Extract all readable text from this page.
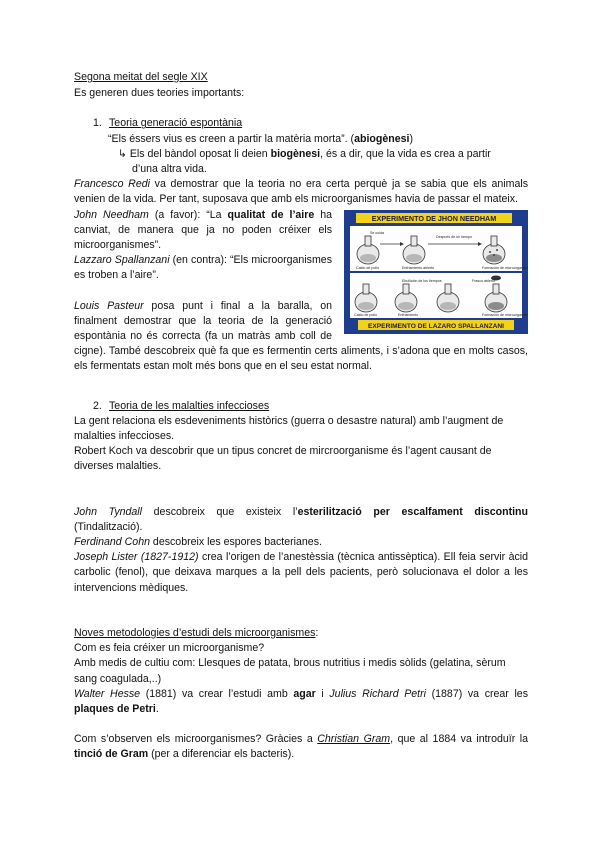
Segona meitat del segle XIX

Es generen dues teories importants:

1. Teoria generació espontània

“Els éssers vius es creen a partir la matèria morta”. (abiogènesi)

↳ Els del bàndol oposat li deien biogènesi, és a dir, que la vida es crea a partir
d’una altra vida.

Francesco Redi va demostrar que la teoria no era certa perquè ja se sabia que els animals venien de la vida. Per tant, suposava que amb els microorganismes havia de passar el mateix.

EXPERIMENTO DE JHON NEEDHAM
EXPERIMENTO DE LAZARO SPALLANZANI
Se cuida
Después de un tiempo
Caldo de pollo	Enfriamiento abierto	Formación de microorganismos
Ebullición de los tiempos	Frasco abierto
Caldo de pollo	Enfriamiento	Formación de microorganismos

John Needham (a favor): “La qualitat de l’aire ha canviat, de manera que ja no poden créixer els microorganismes”.

Lazzaro Spallanzani (en contra): “Els microorganismes es troben a l’aire”.

Louis Pasteur posa punt i final a la baralla, on finalment demostrar que la teoria de la generació espontània no és correcta (fa un matràs amb coll de cigne). També descobreix què fa que es fermentin certs aliments, i s’adona que en molts casos, els fermentats estan molt més bons que en el seu estat normal.

2. Teoria de les malalties infeccioses

La gent relaciona els esdeveniments històrics (guerra o desastre natural) amb l’augment de malalties infeccioses.

Robert Koch va descobrir que un tipus concret de mircroorganisme és l’agent causant de diverses malalties.

John Tyndall descobreix que existeix l’esterilització per escalfament discontinu (Tindalització).

Ferdinand Cohn descobreix les espores bacterianes.

Joseph Lister (1827-1912) crea l’origen de l’anestèssia (tècnica antissèptica). Ell feia servir àcid carbolic (fenol), que deixava marques a la pell dels pacients, però solucionava el dolor a les intervencions mèdiques.

Noves metodologies d’estudi dels microorganismes:

Com es feia créixer un microorganisme?

Amb medis de cultiu com: Llesques de patata, brous nutritius i medis sòlids (gelatina, sèrum sang coagulada,..)

Walter Hesse (1881) va crear l’estudi amb agar i Julius Richard Petri (1887) va crear les plaques de Petri.

Com s’observen els microorganismes? Gràcies a Christian Gram, que al 1884 va introduïr la tinció de Gram (per a diferenciar els bacteris).
